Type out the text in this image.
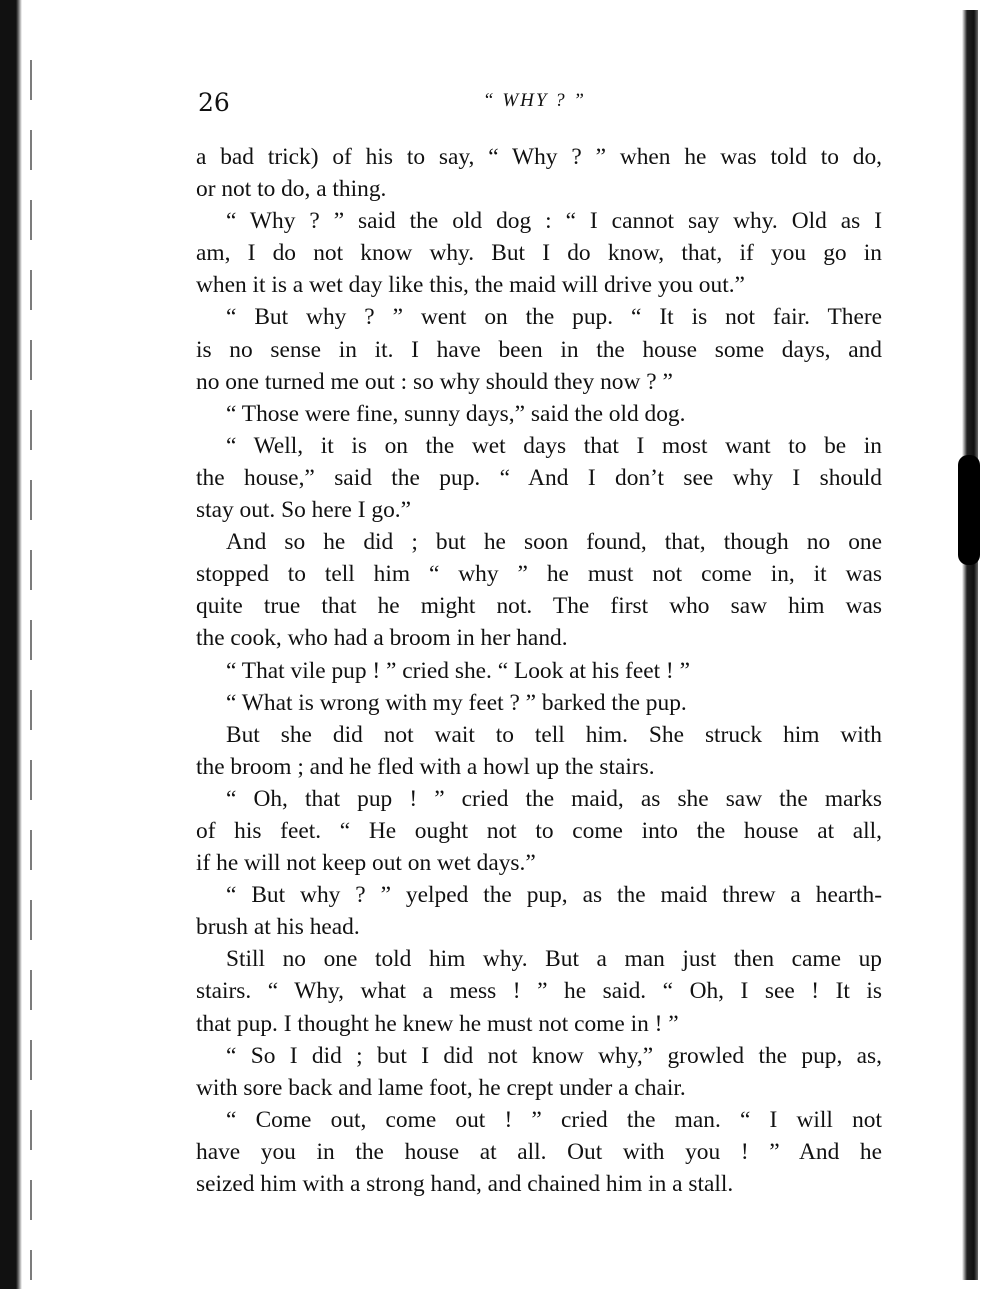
26	“ WHY ? ”
a bad trick) of his to say, “ Why ? ” when he was told to do,
or not to do, a thing.
“ Why ? ” said the old dog : “ I cannot say why. Old as I
am, I do not know why. But I do know, that, if you go in
when it is a wet day like this, the maid will drive you out.”
“ But why ? ” went on the pup. “ It is not fair. There
is no sense in it. I have been in the house some days, and
no one turned me out : so why should they now ? ”
“ Those were fine, sunny days,” said the old dog.
“ Well, it is on the wet days that I most want to be in
the house,” said the pup. “ And I don’t see why I should
stay out. So here I go.”
And so he did ; but he soon found, that, though no one
stopped to tell him “ why ” he must not come in, it was
quite true that he might not. The first who saw him was
the cook, who had a broom in her hand.
“ That vile pup ! ” cried she. “ Look at his feet ! ”
“ What is wrong with my feet ? ” barked the pup.
But she did not wait to tell him. She struck him with
the broom ; and he fled with a howl up the stairs.
“ Oh, that pup ! ” cried the maid, as she saw the marks
of his feet. “ He ought not to come into the house at all,
if he will not keep out on wet days.”
“ But why ? ” yelped the pup, as the maid threw a hearth-
brush at his head.
Still no one told him why. But a man just then came up
stairs. “ Why, what a mess ! ” he said. “ Oh, I see ! It is
that pup. I thought he knew he must not come in ! ”
“ So I did ; but I did not know why,” growled the pup, as,
with sore back and lame foot, he crept under a chair.
“ Come out, come out ! ” cried the man. “ I will not
have you in the house at all. Out with you ! ” And he
seized him with a strong hand, and chained him in a stall.
